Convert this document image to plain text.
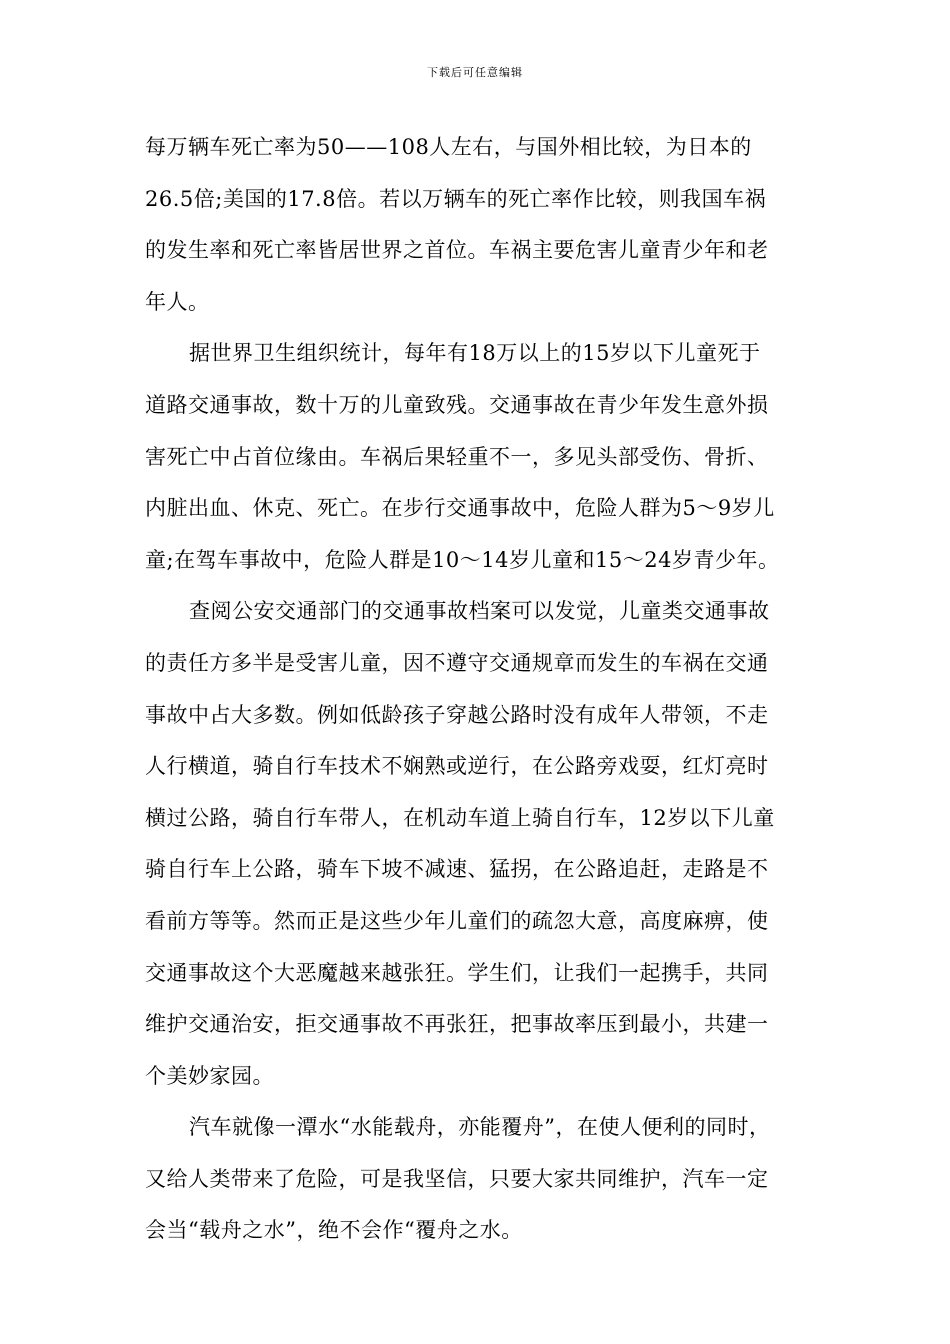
下载后可任意编辑
每万辆车死亡率为50——108人左右，与国外相比较，为日本的
26.5倍;美国的17.8倍。若以万辆车的死亡率作比较，则我国车祸
的发生率和死亡率皆居世界之首位。车祸主要危害儿童青少年和老
年人。
据世界卫生组织统计，每年有18万以上的15岁以下儿童死于
道路交通事故，数十万的儿童致残。交通事故在青少年发生意外损
害死亡中占首位缘由。车祸后果轻重不一，多见头部受伤、骨折、
内脏出血、休克、死亡。在步行交通事故中，危险人群为5～9岁儿
童;在驾车事故中，危险人群是10～14岁儿童和15～24岁青少年。
查阅公安交通部门的交通事故档案可以发觉，儿童类交通事故
的责任方多半是受害儿童，因不遵守交通规章而发生的车祸在交通
事故中占大多数。例如低龄孩子穿越公路时没有成年人带领，不走
人行横道，骑自行车技术不娴熟或逆行，在公路旁戏耍，红灯亮时
横过公路，骑自行车带人，在机动车道上骑自行车，12岁以下儿童
骑自行车上公路，骑车下坡不减速、猛拐，在公路追赶，走路是不
看前方等等。然而正是这些少年儿童们的疏忽大意，高度麻痹，使
交通事故这个大恶魔越来越张狂。学生们，让我们一起携手，共同
维护交通治安，拒交通事故不再张狂，把事故率压到最小，共建一
个美妙家园。
汽车就像一潭水“水能载舟，亦能覆舟”，在使人便利的同时，
又给人类带来了危险，可是我坚信，只要大家共同维护，汽车一定
会当“载舟之水”，绝不会作“覆舟之水。
